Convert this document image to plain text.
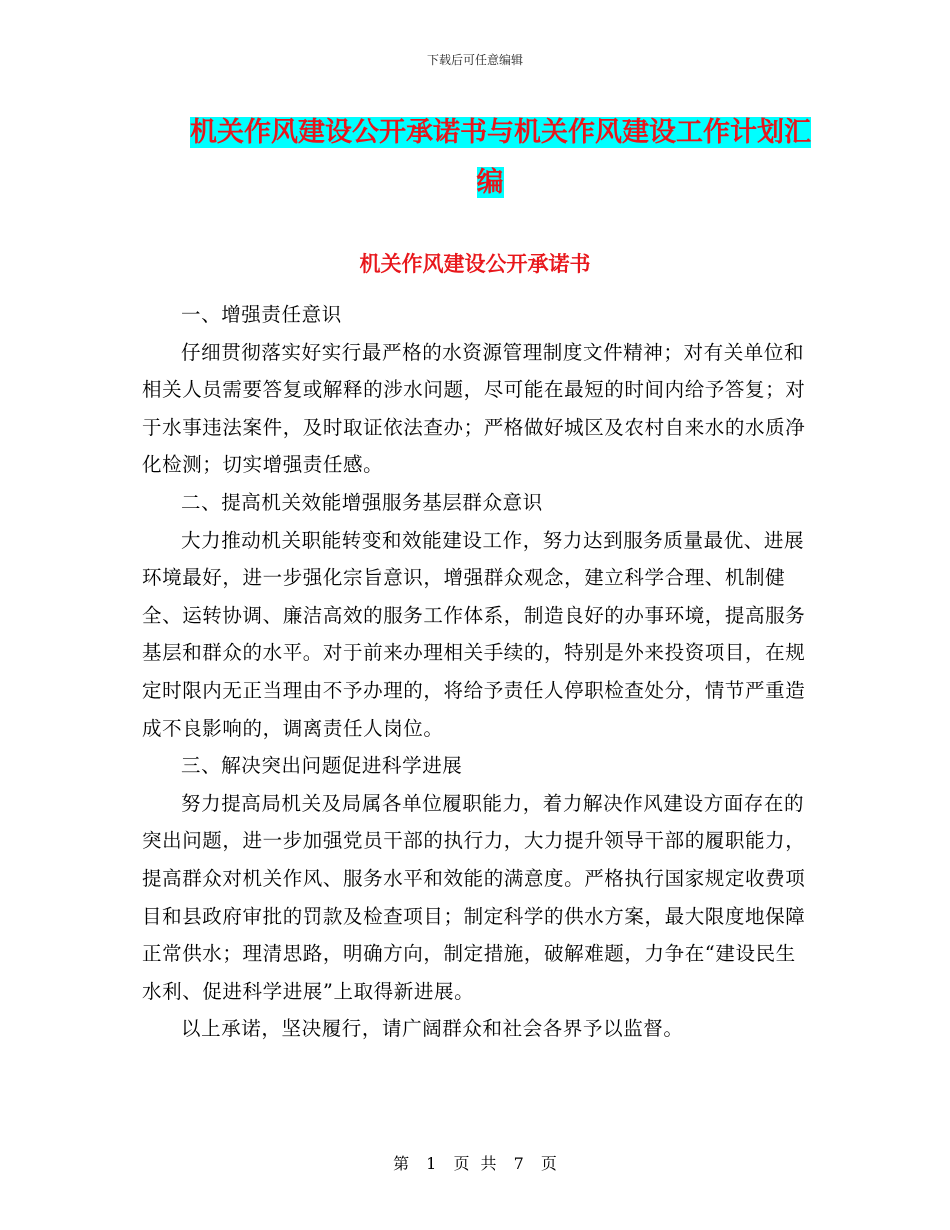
下载后可任意编辑
机关作风建设公开承诺书与机关作风建设工作计划汇
编
机关作风建设公开承诺书

一、增强责任意识

仔细贯彻落实好实行最严格的水资源管理制度文件精神；对有关单位和相关人员需要答复或解释的涉水问题，尽可能在最短的时间内给予答复；对于水事违法案件，及时取证依法查办；严格做好城区及农村自来水的水质净化检测；切实增强责任感。

二、提高机关效能增强服务基层群众意识

大力推动机关职能转变和效能建设工作，努力达到服务质量最优、进展环境最好，进一步强化宗旨意识，增强群众观念，建立科学合理、机制健全、运转协调、廉洁高效的服务工作体系，制造良好的办事环境，提高服务基层和群众的水平。对于前来办理相关手续的，特别是外来投资项目，在规定时限内无正当理由不予办理的，将给予责任人停职检查处分，情节严重造成不良影响的，调离责任人岗位。

三、解决突出问题促进科学进展

努力提高局机关及局属各单位履职能力，着力解决作风建设方面存在的突出问题，进一步加强党员干部的执行力，大力提升领导干部的履职能力，提高群众对机关作风、服务水平和效能的满意度。严格执行国家规定收费项目和县政府审批的罚款及检查项目；制定科学的供水方案，最大限度地保障正常供水；理清思路，明确方向，制定措施，破解难题，力争在“建设民生水利、促进科学进展”上取得新进展。

以上承诺，坚决履行，请广阔群众和社会各界予以监督。

第 1 页 共 7 页
